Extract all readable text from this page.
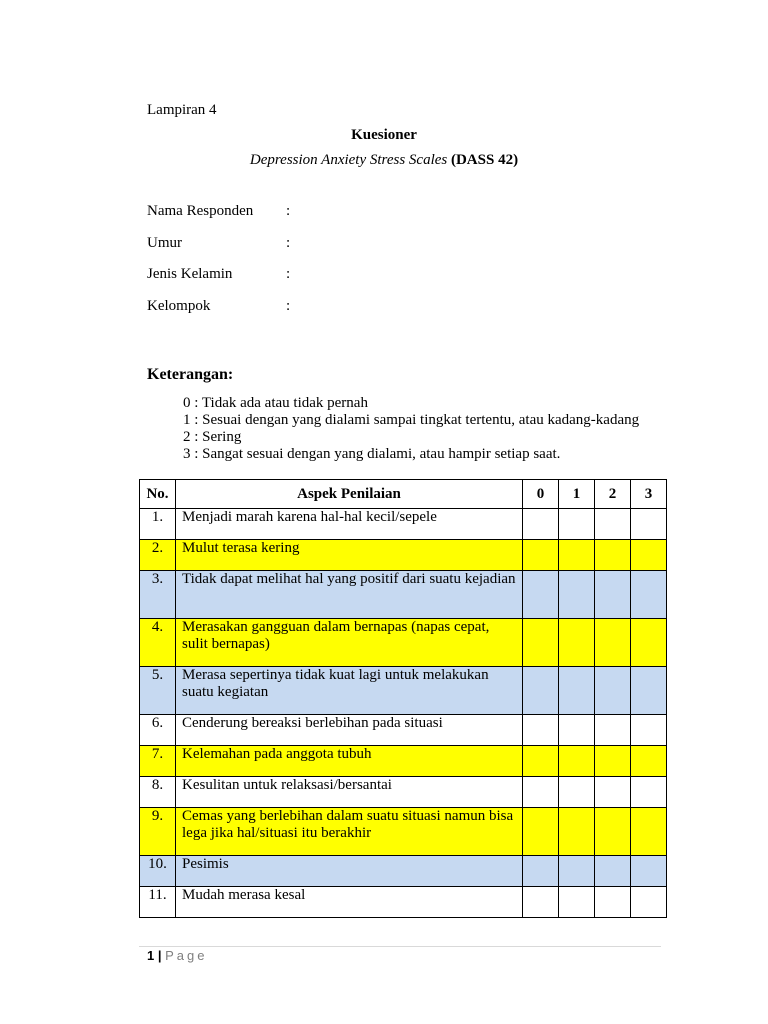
Lampiran 4
Kuesioner
Depression Anxiety Stress Scales (DASS 42)
Nama Responden :
Umur	:
Jenis Kelamin	:
Kelompok	:
Keterangan:
0 : Tidak ada atau tidak pernah
1 : Sesuai dengan yang dialami sampai tingkat tertentu, atau kadang-kadang
2 : Sering
3 : Sangat sesuai dengan yang dialami, atau hampir setiap saat.
No.	Aspek Penilaian	0	1	2	3
1.	Menjadi marah karena hal-hal kecil/sepele				
2.	Mulut terasa kering				
3.	Tidak dapat melihat hal yang positif dari suatu kejadian				
4.	Merasakan gangguan dalam bernapas (napas cepat, sulit bernapas)				
5.	Merasa sepertinya tidak kuat lagi untuk melakukan suatu kegiatan				
6.	Cenderung bereaksi berlebihan pada situasi				
7.	Kelemahan pada anggota tubuh				
8.	Kesulitan untuk relaksasi/bersantai				
9.	Cemas yang berlebihan dalam suatu situasi namun bisa lega jika hal/situasi itu berakhir				
10.	Pesimis				
11.	Mudah merasa kesal				
1 | Page
